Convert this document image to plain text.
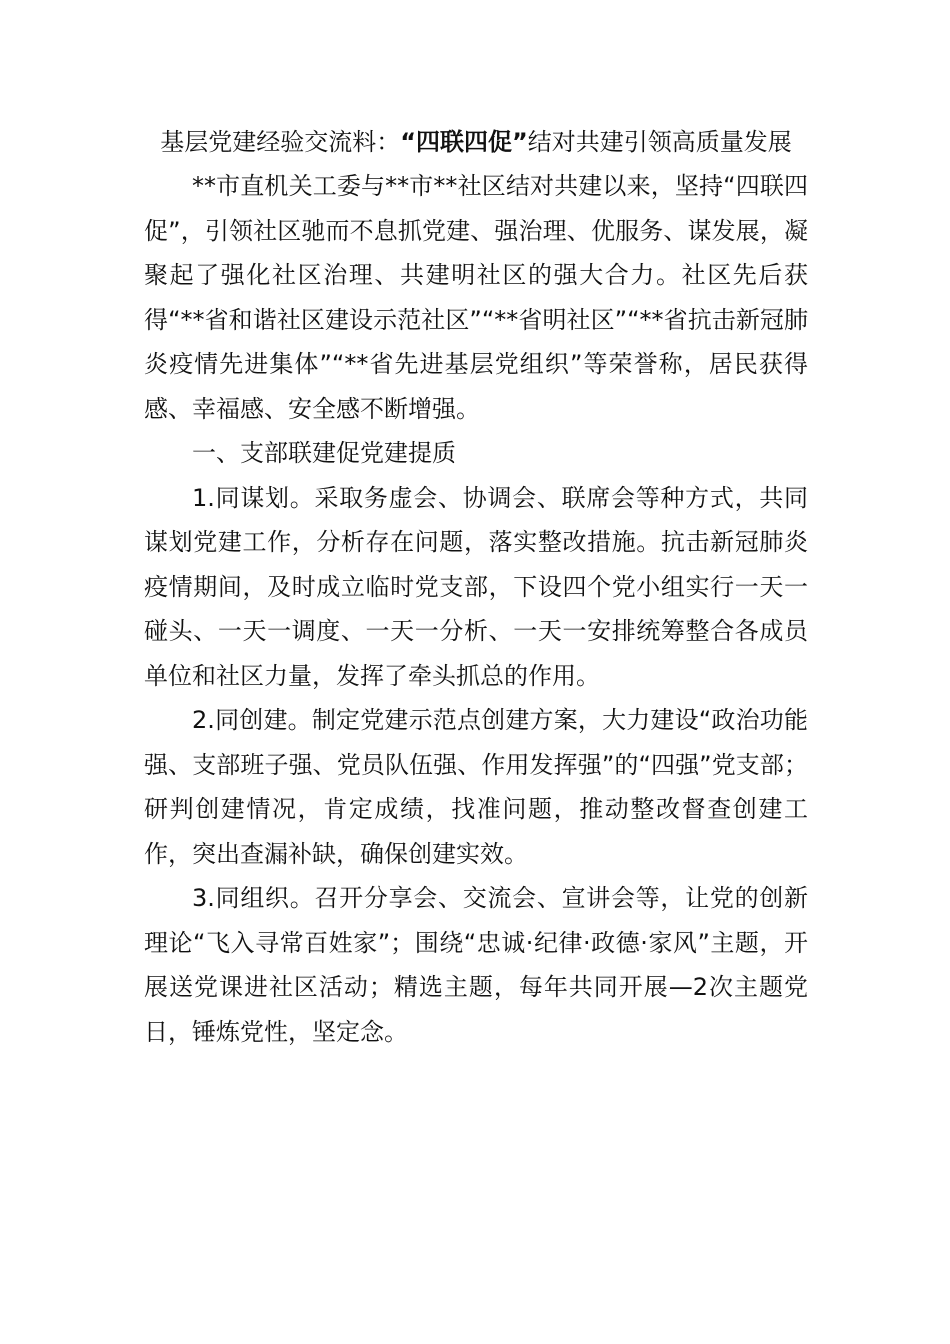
基层党建经验交流料：“四联四促”结对共建引领高质量发展

**市直机关工委与**市**社区结对共建以来，坚持“四联四促”，引领社区驰而不息抓党建、强治理、优服务、谋发展，凝聚起了强化社区治理、共建明社区的强大合力。社区先后获得“**省和谐社区建设示范社区”“**省明社区”“**省抗击新冠肺炎疫情先进集体”“**省先进基层党组织”等荣誉称，居民获得感、幸福感、安全感不断增强。

一、支部联建促党建提质

1.同谋划。采取务虚会、协调会、联席会等种方式，共同谋划党建工作，分析存在问题，落实整改措施。抗击新冠肺炎疫情期间，及时成立临时党支部，下设四个党小组实行一天一碰头、一天一调度、一天一分析、一天一安排统筹整合各成员单位和社区力量，发挥了牵头抓总的作用。

2.同创建。制定党建示范点创建方案，大力建设“政治功能强、支部班子强、党员队伍强、作用发挥强”的“四强”党支部；研判创建情况，肯定成绩，找准问题，推动整改督查创建工作，突出查漏补缺，确保创建实效。

3.同组织。召开分享会、交流会、宣讲会等，让党的创新理论“飞入寻常百姓家”；围绕“忠诚·纪律·政德·家风”主题，开展送党课进社区活动；精选主题，每年共同开展—2次主题党日，锤炼党性，坚定念。
